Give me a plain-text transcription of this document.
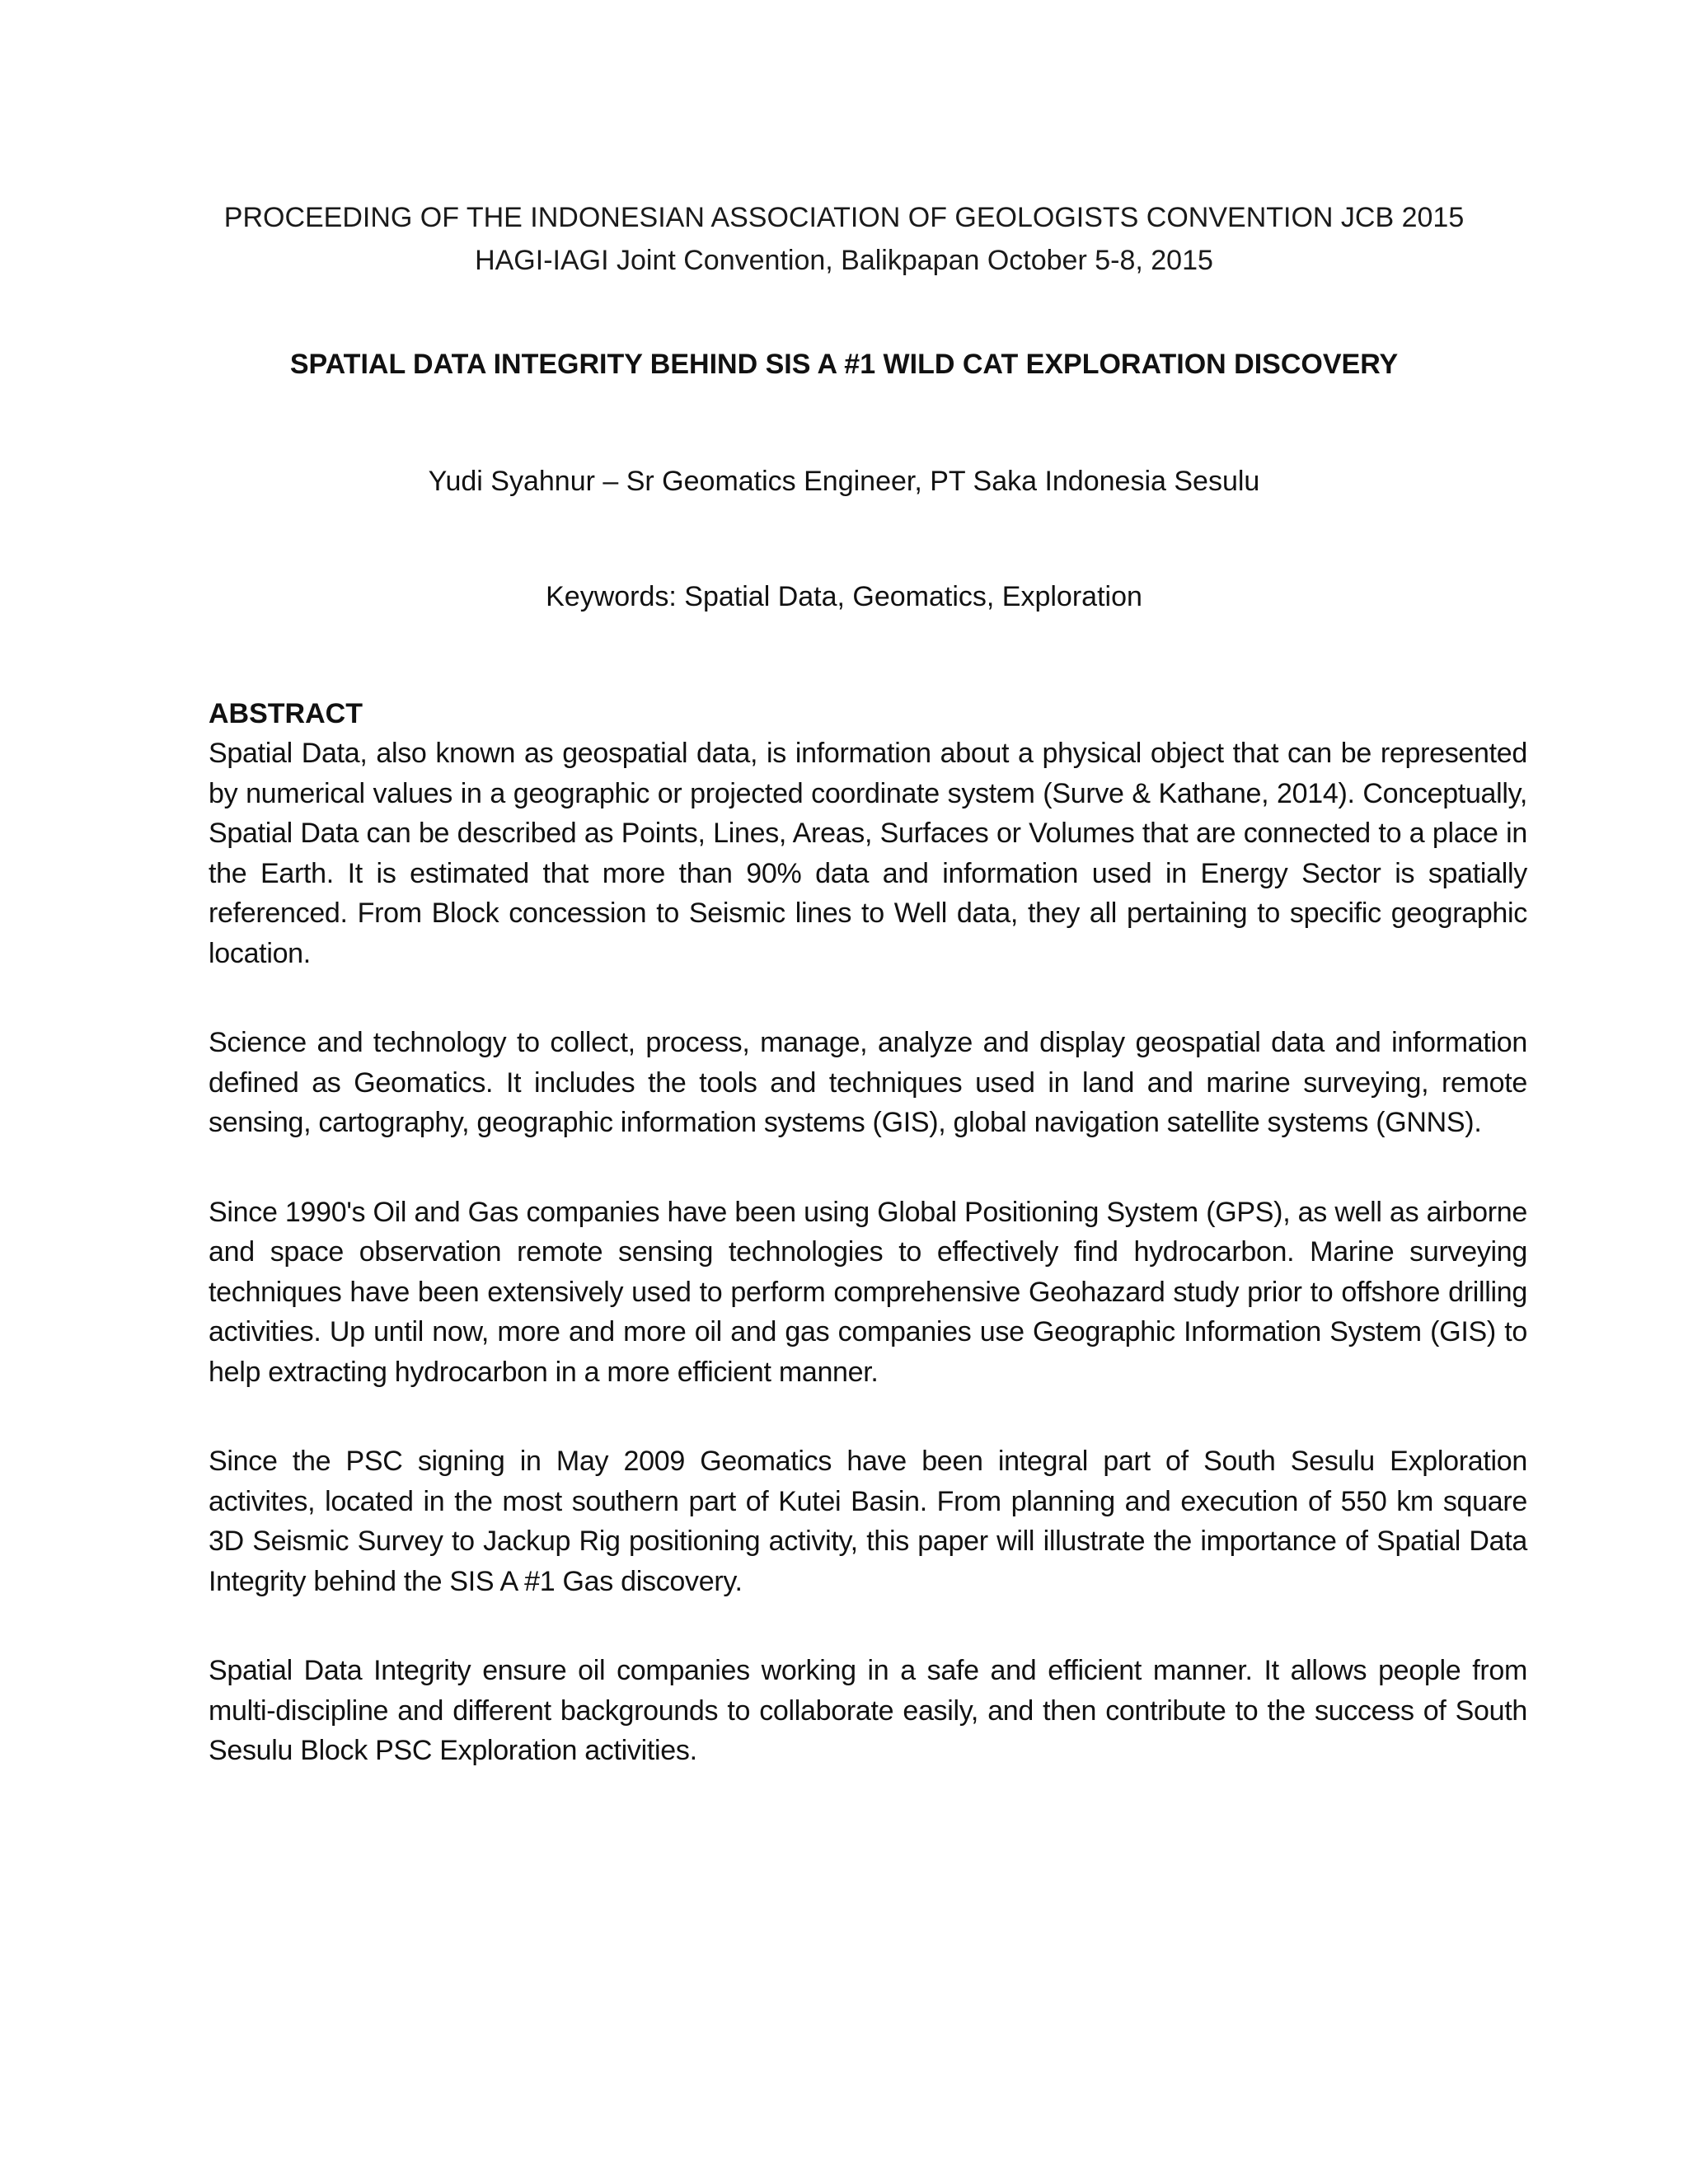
PROCEEDING OF THE INDONESIAN ASSOCIATION OF GEOLOGISTS CONVENTION JCB 2015
HAGI-IAGI Joint Convention, Balikpapan October 5-8, 2015
SPATIAL DATA INTEGRITY BEHIND SIS A #1 WILD CAT EXPLORATION DISCOVERY
Yudi Syahnur – Sr Geomatics Engineer, PT Saka Indonesia Sesulu
Keywords: Spatial Data, Geomatics, Exploration

ABSTRACT

Spatial Data, also known as geospatial data, is information about a physical object that can be represented by numerical values in a geographic or projected coordinate system (Surve & Kathane, 2014). Conceptually, Spatial Data can be described as Points, Lines, Areas, Surfaces or Volumes that are connected to a place in the Earth. It is estimated that more than 90% data and information used in Energy Sector is spatially referenced. From Block concession to Seismic lines to Well data, they all pertaining to specific geographic location.

Science and technology to collect, process, manage, analyze and display geospatial data and information defined as Geomatics. It includes the tools and techniques used in land and marine surveying, remote sensing, cartography, geographic information systems (GIS), global navigation satellite systems (GNNS).

Since 1990's Oil and Gas companies have been using Global Positioning System (GPS), as well as airborne and space observation remote sensing technologies to effectively find hydrocarbon. Marine surveying techniques have been extensively used to perform comprehensive Geohazard study prior to offshore drilling activities. Up until now, more and more oil and gas companies use Geographic Information System (GIS) to help extracting hydrocarbon in a more efficient manner.

Since the PSC signing in May 2009 Geomatics have been integral part of South Sesulu Exploration activites, located in the most southern part of Kutei Basin. From planning and execution of 550 km square 3D Seismic Survey to Jackup Rig positioning activity, this paper will illustrate the importance of Spatial Data Integrity behind the SIS A #1 Gas discovery.

Spatial Data Integrity ensure oil companies working in a safe and efficient manner. It allows people from multi-discipline and different backgrounds to collaborate easily, and then contribute to the success of South Sesulu Block PSC Exploration activities.
